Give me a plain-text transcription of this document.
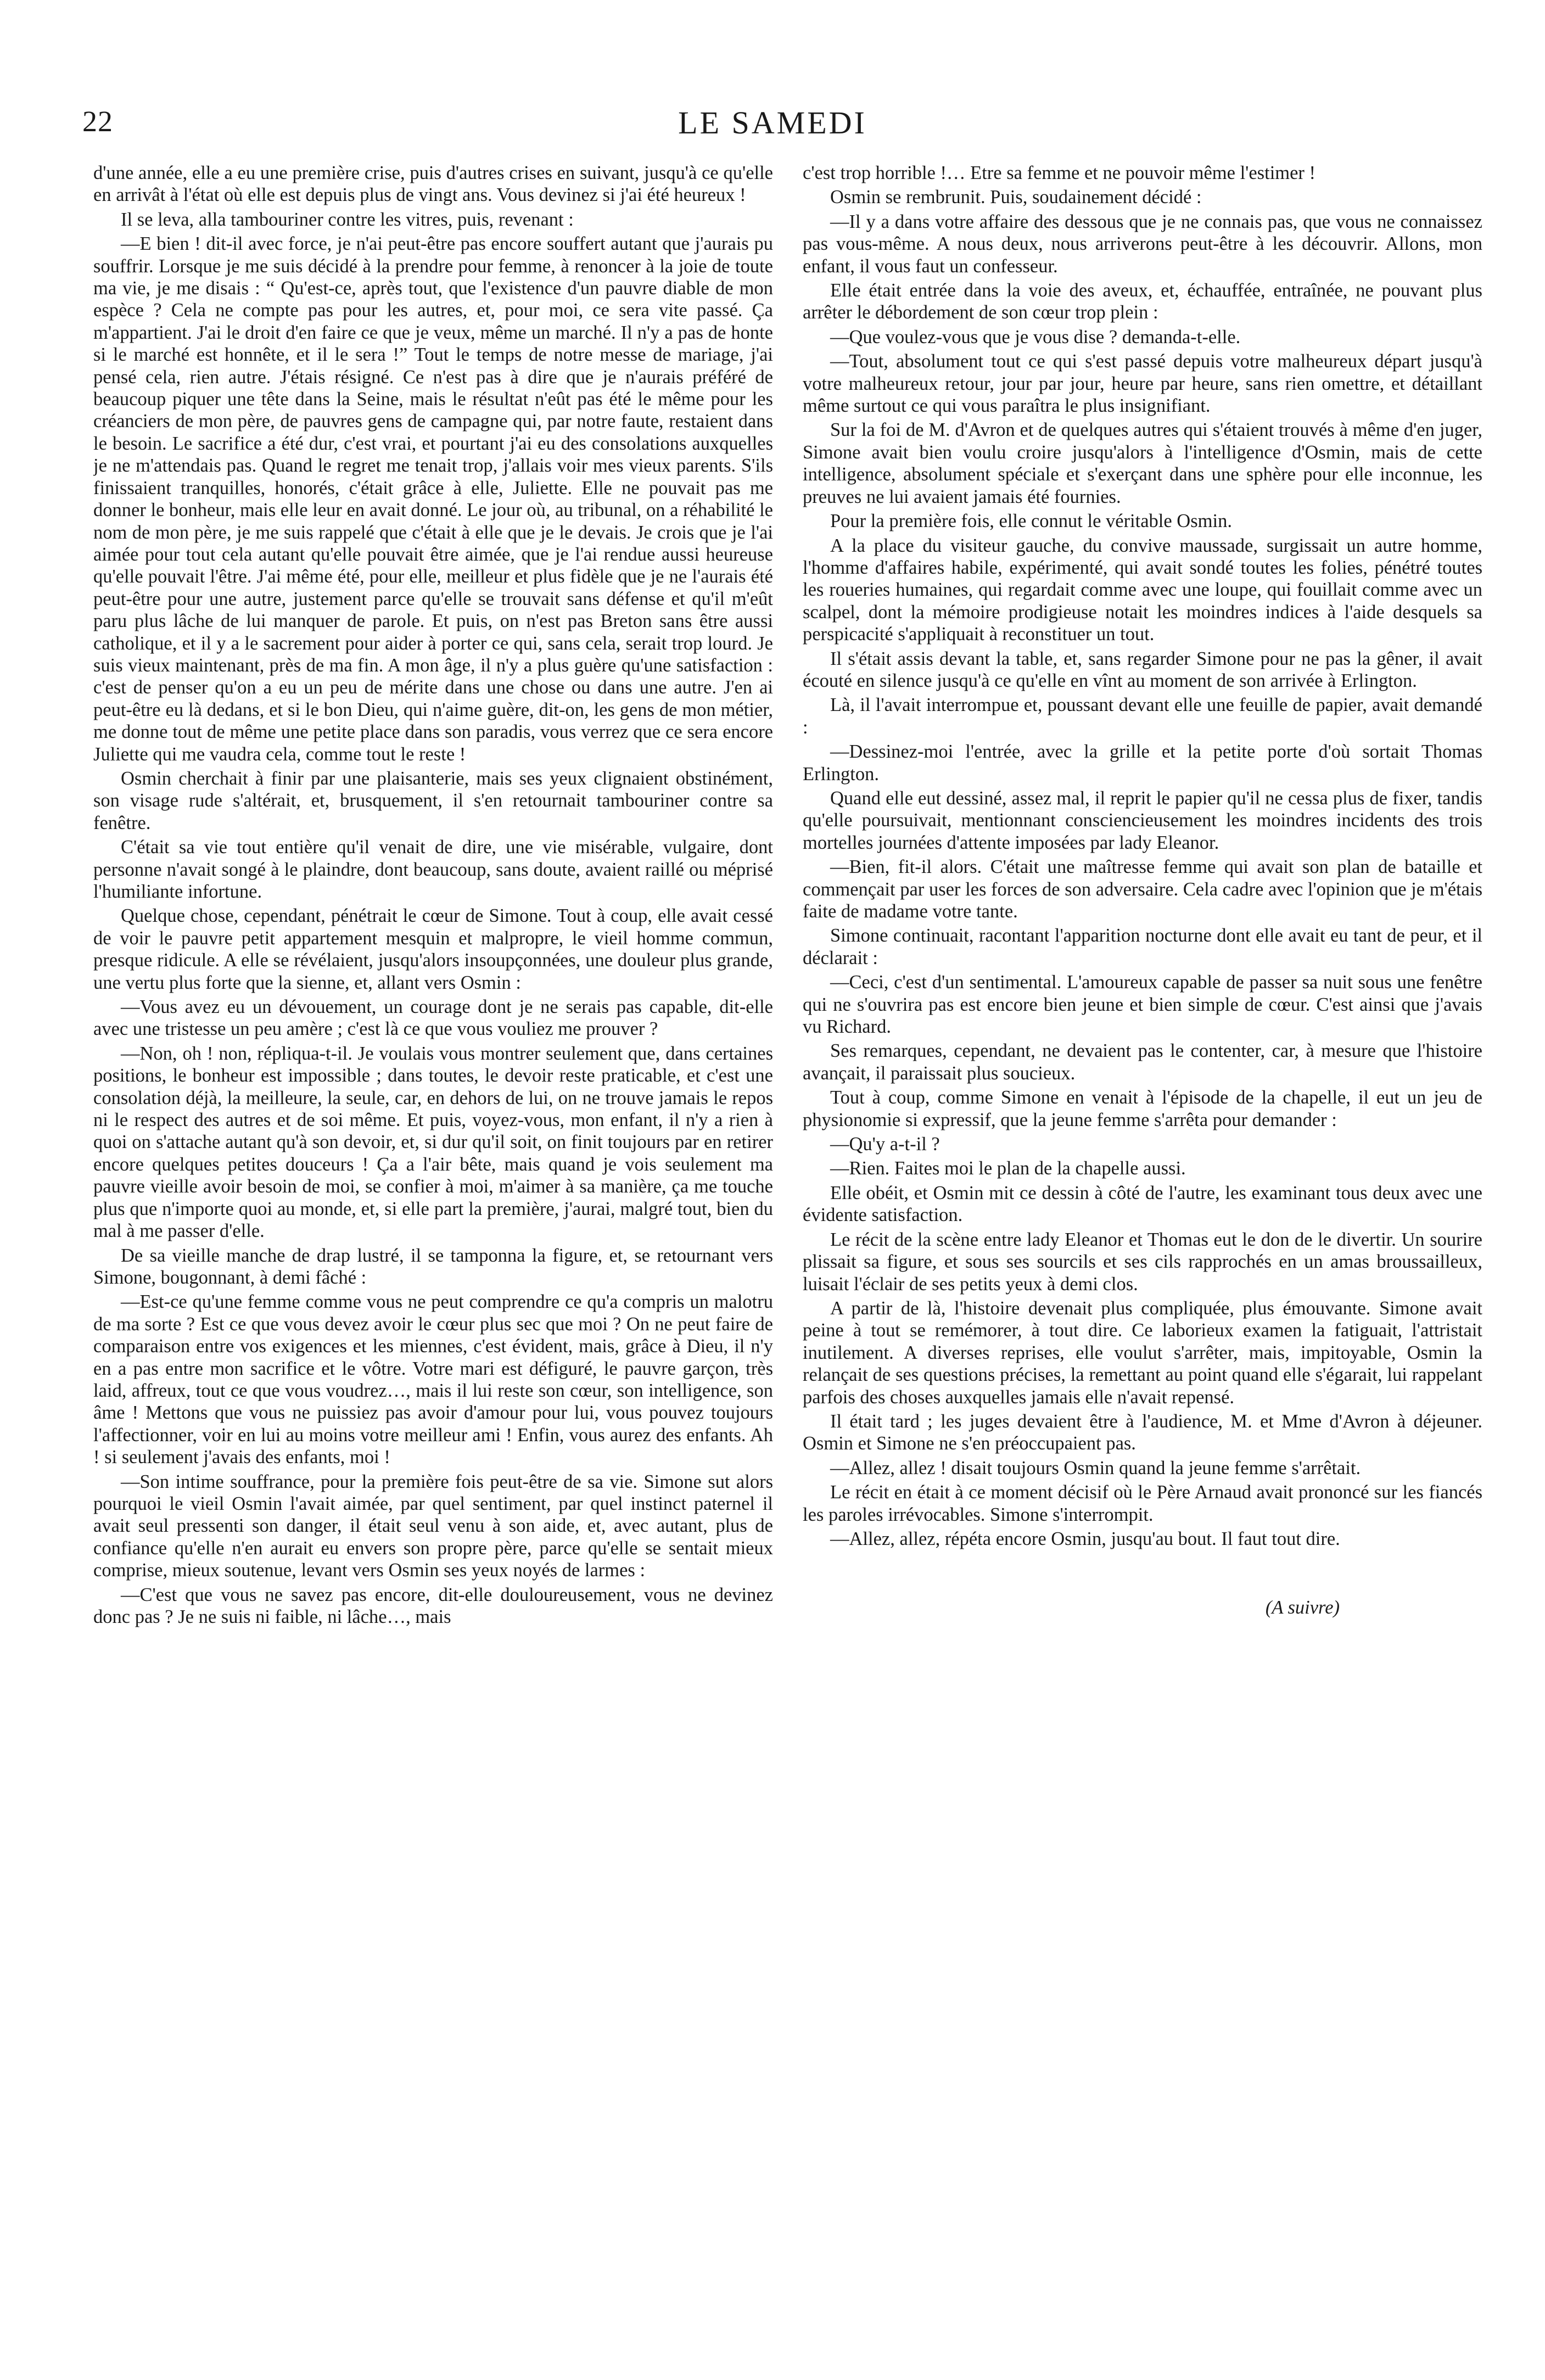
22	LE SAMEDI

d'une année, elle a eu une première crise, puis d'autres crises en suivant, jusqu'à ce qu'elle en arrivât à l'état où elle est depuis plus de vingt ans. Vous devinez si j'ai été heureux !

Il se leva, alla tambouriner contre les vitres, puis, revenant :

—E bien ! dit-il avec force, je n'ai peut-être pas encore souffert autant que j'aurais pu souffrir. Lorsque je me suis décidé à la prendre pour femme, à renoncer à la joie de toute ma vie, je me disais : “ Qu'est-ce, après tout, que l'existence d'un pauvre diable de mon espèce ? Cela ne compte pas pour les autres, et, pour moi, ce sera vite passé. Ça m'appartient. J'ai le droit d'en faire ce que je veux, même un marché. Il n'y a pas de honte si le marché est honnête, et il le sera !” Tout le temps de notre messe de mariage, j'ai pensé cela, rien autre. J'étais résigné. Ce n'est pas à dire que je n'aurais préféré de beaucoup piquer une tête dans la Seine, mais le résultat n'eût pas été le même pour les créanciers de mon père, de pauvres gens de campagne qui, par notre faute, restaient dans le besoin. Le sacrifice a été dur, c'est vrai, et pourtant j'ai eu des consolations auxquelles je ne m'attendais pas. Quand le regret me tenait trop, j'allais voir mes vieux parents. S'ils finissaient tranquilles, honorés, c'était grâce à elle, Juliette. Elle ne pouvait pas me donner le bonheur, mais elle leur en avait donné. Le jour où, au tribunal, on a réhabilité le nom de mon père, je me suis rappelé que c'était à elle que je le devais. Je crois que je l'ai aimée pour tout cela autant qu'elle pouvait être aimée, que je l'ai rendue aussi heureuse qu'elle pouvait l'être. J'ai même été, pour elle, meilleur et plus fidèle que je ne l'aurais été peut-être pour une autre, justement parce qu'elle se trouvait sans défense et qu'il m'eût paru plus lâche de lui manquer de parole. Et puis, on n'est pas Breton sans être aussi catholique, et il y a le sacrement pour aider à porter ce qui, sans cela, serait trop lourd. Je suis vieux maintenant, près de ma fin. A mon âge, il n'y a plus guère qu'une satisfaction : c'est de penser qu'on a eu un peu de mérite dans une chose ou dans une autre. J'en ai peut-être eu là dedans, et si le bon Dieu, qui n'aime guère, dit-on, les gens de mon métier, me donne tout de même une petite place dans son paradis, vous verrez que ce sera encore Juliette qui me vaudra cela, comme tout le reste !

Osmin cherchait à finir par une plaisanterie, mais ses yeux clignaient obstinément, son visage rude s'altérait, et, brusquement, il s'en retournait tambouriner contre sa fenêtre.

C'était sa vie tout entière qu'il venait de dire, une vie misérable, vulgaire, dont personne n'avait songé à le plaindre, dont beaucoup, sans doute, avaient raillé ou méprisé l'humiliante infortune.

Quelque chose, cependant, pénétrait le cœur de Simone. Tout à coup, elle avait cessé de voir le pauvre petit appartement mesquin et malpropre, le vieil homme commun, presque ridicule. A elle se révélaient, jusqu'alors insoupçonnées, une douleur plus grande, une vertu plus forte que la sienne, et, allant vers Osmin :

—Vous avez eu un dévouement, un courage dont je ne serais pas capable, dit-elle avec une tristesse un peu amère ; c'est là ce que vous vouliez me prouver ?

—Non, oh ! non, répliqua-t-il. Je voulais vous montrer seulement que, dans certaines positions, le bonheur est impossible ; dans toutes, le devoir reste praticable, et c'est une consolation déjà, la meilleure, la seule, car, en dehors de lui, on ne trouve jamais le repos ni le respect des autres et de soi même. Et puis, voyez-vous, mon enfant, il n'y a rien à quoi on s'attache autant qu'à son devoir, et, si dur qu'il soit, on finit toujours par en retirer encore quelques petites douceurs ! Ça a l'air bête, mais quand je vois seulement ma pauvre vieille avoir besoin de moi, se confier à moi, m'aimer à sa manière, ça me touche plus que n'importe quoi au monde, et, si elle part la première, j'aurai, malgré tout, bien du mal à me passer d'elle.

De sa vieille manche de drap lustré, il se tamponna la figure, et, se retournant vers Simone, bougonnant, à demi fâché :

—Est-ce qu'une femme comme vous ne peut comprendre ce qu'a compris un malotru de ma sorte ? Est ce que vous devez avoir le cœur plus sec que moi ? On ne peut faire de comparaison entre vos exigences et les miennes, c'est évident, mais, grâce à Dieu, il n'y en a pas entre mon sacrifice et le vôtre. Votre mari est défiguré, le pauvre garçon, très laid, affreux, tout ce que vous voudrez…, mais il lui reste son cœur, son intelligence, son âme ! Mettons que vous ne puissiez pas avoir d'amour pour lui, vous pouvez toujours l'affectionner, voir en lui au moins votre meilleur ami ! Enfin, vous aurez des enfants. Ah ! si seulement j'avais des enfants, moi !

—Son intime souffrance, pour la première fois peut-être de sa vie. Simone sut alors pourquoi le vieil Osmin l'avait aimée, par quel sentiment, par quel instinct paternel il avait seul pressenti son danger, il était seul venu à son aide, et, avec autant, plus de confiance qu'elle n'en aurait eu envers son propre père, parce qu'elle se sentait mieux comprise, mieux soutenue, levant vers Osmin ses yeux noyés de larmes :

—C'est que vous ne savez pas encore, dit-elle douloureusement, vous ne devinez donc pas ? Je ne suis ni faible, ni lâche…, mais

c'est trop horrible !… Etre sa femme et ne pouvoir même l'estimer !

Osmin se rembrunit. Puis, soudainement décidé :

—Il y a dans votre affaire des dessous que je ne connais pas, que vous ne connaissez pas vous-même. A nous deux, nous arriverons peut-être à les découvrir. Allons, mon enfant, il vous faut un confesseur.

Elle était entrée dans la voie des aveux, et, échauffée, entraînée, ne pouvant plus arrêter le débordement de son cœur trop plein :

—Que voulez-vous que je vous dise ? demanda-t-elle.

—Tout, absolument tout ce qui s'est passé depuis votre malheureux départ jusqu'à votre malheureux retour, jour par jour, heure par heure, sans rien omettre, et détaillant même surtout ce qui vous paraîtra le plus insignifiant.

Sur la foi de M. d'Avron et de quelques autres qui s'étaient trouvés à même d'en juger, Simone avait bien voulu croire jusqu'alors à l'intelligence d'Osmin, mais de cette intelligence, absolument spéciale et s'exerçant dans une sphère pour elle inconnue, les preuves ne lui avaient jamais été fournies.

Pour la première fois, elle connut le véritable Osmin.

A la place du visiteur gauche, du convive maussade, surgissait un autre homme, l'homme d'affaires habile, expérimenté, qui avait sondé toutes les folies, pénétré toutes les roueries humaines, qui regardait comme avec une loupe, qui fouillait comme avec un scalpel, dont la mémoire prodigieuse notait les moindres indices à l'aide desquels sa perspicacité s'appliquait à reconstituer un tout.

Il s'était assis devant la table, et, sans regarder Simone pour ne pas la gêner, il avait écouté en silence jusqu'à ce qu'elle en vînt au moment de son arrivée à Erlington.

Là, il l'avait interrompue et, poussant devant elle une feuille de papier, avait demandé :

—Dessinez-moi l'entrée, avec la grille et la petite porte d'où sortait Thomas Erlington.

Quand elle eut dessiné, assez mal, il reprit le papier qu'il ne cessa plus de fixer, tandis qu'elle poursuivait, mentionnant consciencieusement les moindres incidents des trois mortelles journées d'attente imposées par lady Eleanor.

—Bien, fit-il alors. C'était une maîtresse femme qui avait son plan de bataille et commençait par user les forces de son adversaire. Cela cadre avec l'opinion que je m'étais faite de madame votre tante.

Simone continuait, racontant l'apparition nocturne dont elle avait eu tant de peur, et il déclarait :

—Ceci, c'est d'un sentimental. L'amoureux capable de passer sa nuit sous une fenêtre qui ne s'ouvrira pas est encore bien jeune et bien simple de cœur. C'est ainsi que j'avais vu Richard.

Ses remarques, cependant, ne devaient pas le contenter, car, à mesure que l'histoire avançait, il paraissait plus soucieux.

Tout à coup, comme Simone en venait à l'épisode de la chapelle, il eut un jeu de physionomie si expressif, que la jeune femme s'arrêta pour demander :

—Qu'y a-t-il ?

—Rien. Faites moi le plan de la chapelle aussi.

Elle obéit, et Osmin mit ce dessin à côté de l'autre, les examinant tous deux avec une évidente satisfaction.

Le récit de la scène entre lady Eleanor et Thomas eut le don de le divertir. Un sourire plissait sa figure, et sous ses sourcils et ses cils rapprochés en un amas broussailleux, luisait l'éclair de ses petits yeux à demi clos.

A partir de là, l'histoire devenait plus compliquée, plus émouvante. Simone avait peine à tout se remémorer, à tout dire. Ce laborieux examen la fatiguait, l'attristait inutilement. A diverses reprises, elle voulut s'arrêter, mais, impitoyable, Osmin la relançait de ses questions précises, la remettant au point quand elle s'égarait, lui rappelant parfois des choses auxquelles jamais elle n'avait repensé.

Il était tard ; les juges devaient être à l'audience, M. et Mme d'Avron à déjeuner. Osmin et Simone ne s'en préoccupaient pas.

—Allez, allez ! disait toujours Osmin quand la jeune femme s'arrêtait.

Le récit en était à ce moment décisif où le Père Arnaud avait prononcé sur les fiancés les paroles irrévocables. Simone s'interrompit.

—Allez, allez, répéta encore Osmin, jusqu'au bout. Il faut tout dire.

(A suivre)
